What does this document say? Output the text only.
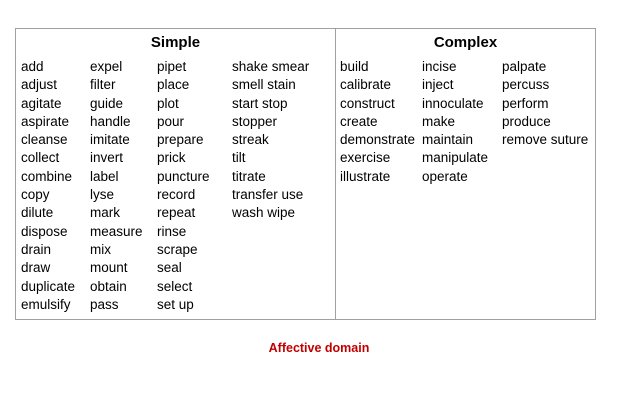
Simple
add
adjust
agitate
aspirate
cleanse
collect
combine
copy
dilute
dispose
drain
draw
duplicate
emulsify
expel
filter
guide
handle
imitate
invert
label
lyse
mark
measure
mix
mount
obtain
pass
pipet
place
plot
pour
prepare
prick
puncture
record
repeat
rinse
scrape
seal
select
set up
shake smear
smell stain
start stop
stopper
streak
tilt
titrate
transfer use
wash wipe
Complex
build
calibrate
construct
create
demonstrate
exercise
illustrate
incise
inject
innoculate
make
maintain
manipulate
operate
palpate
percuss
perform
produce
remove suture
Affective domain
